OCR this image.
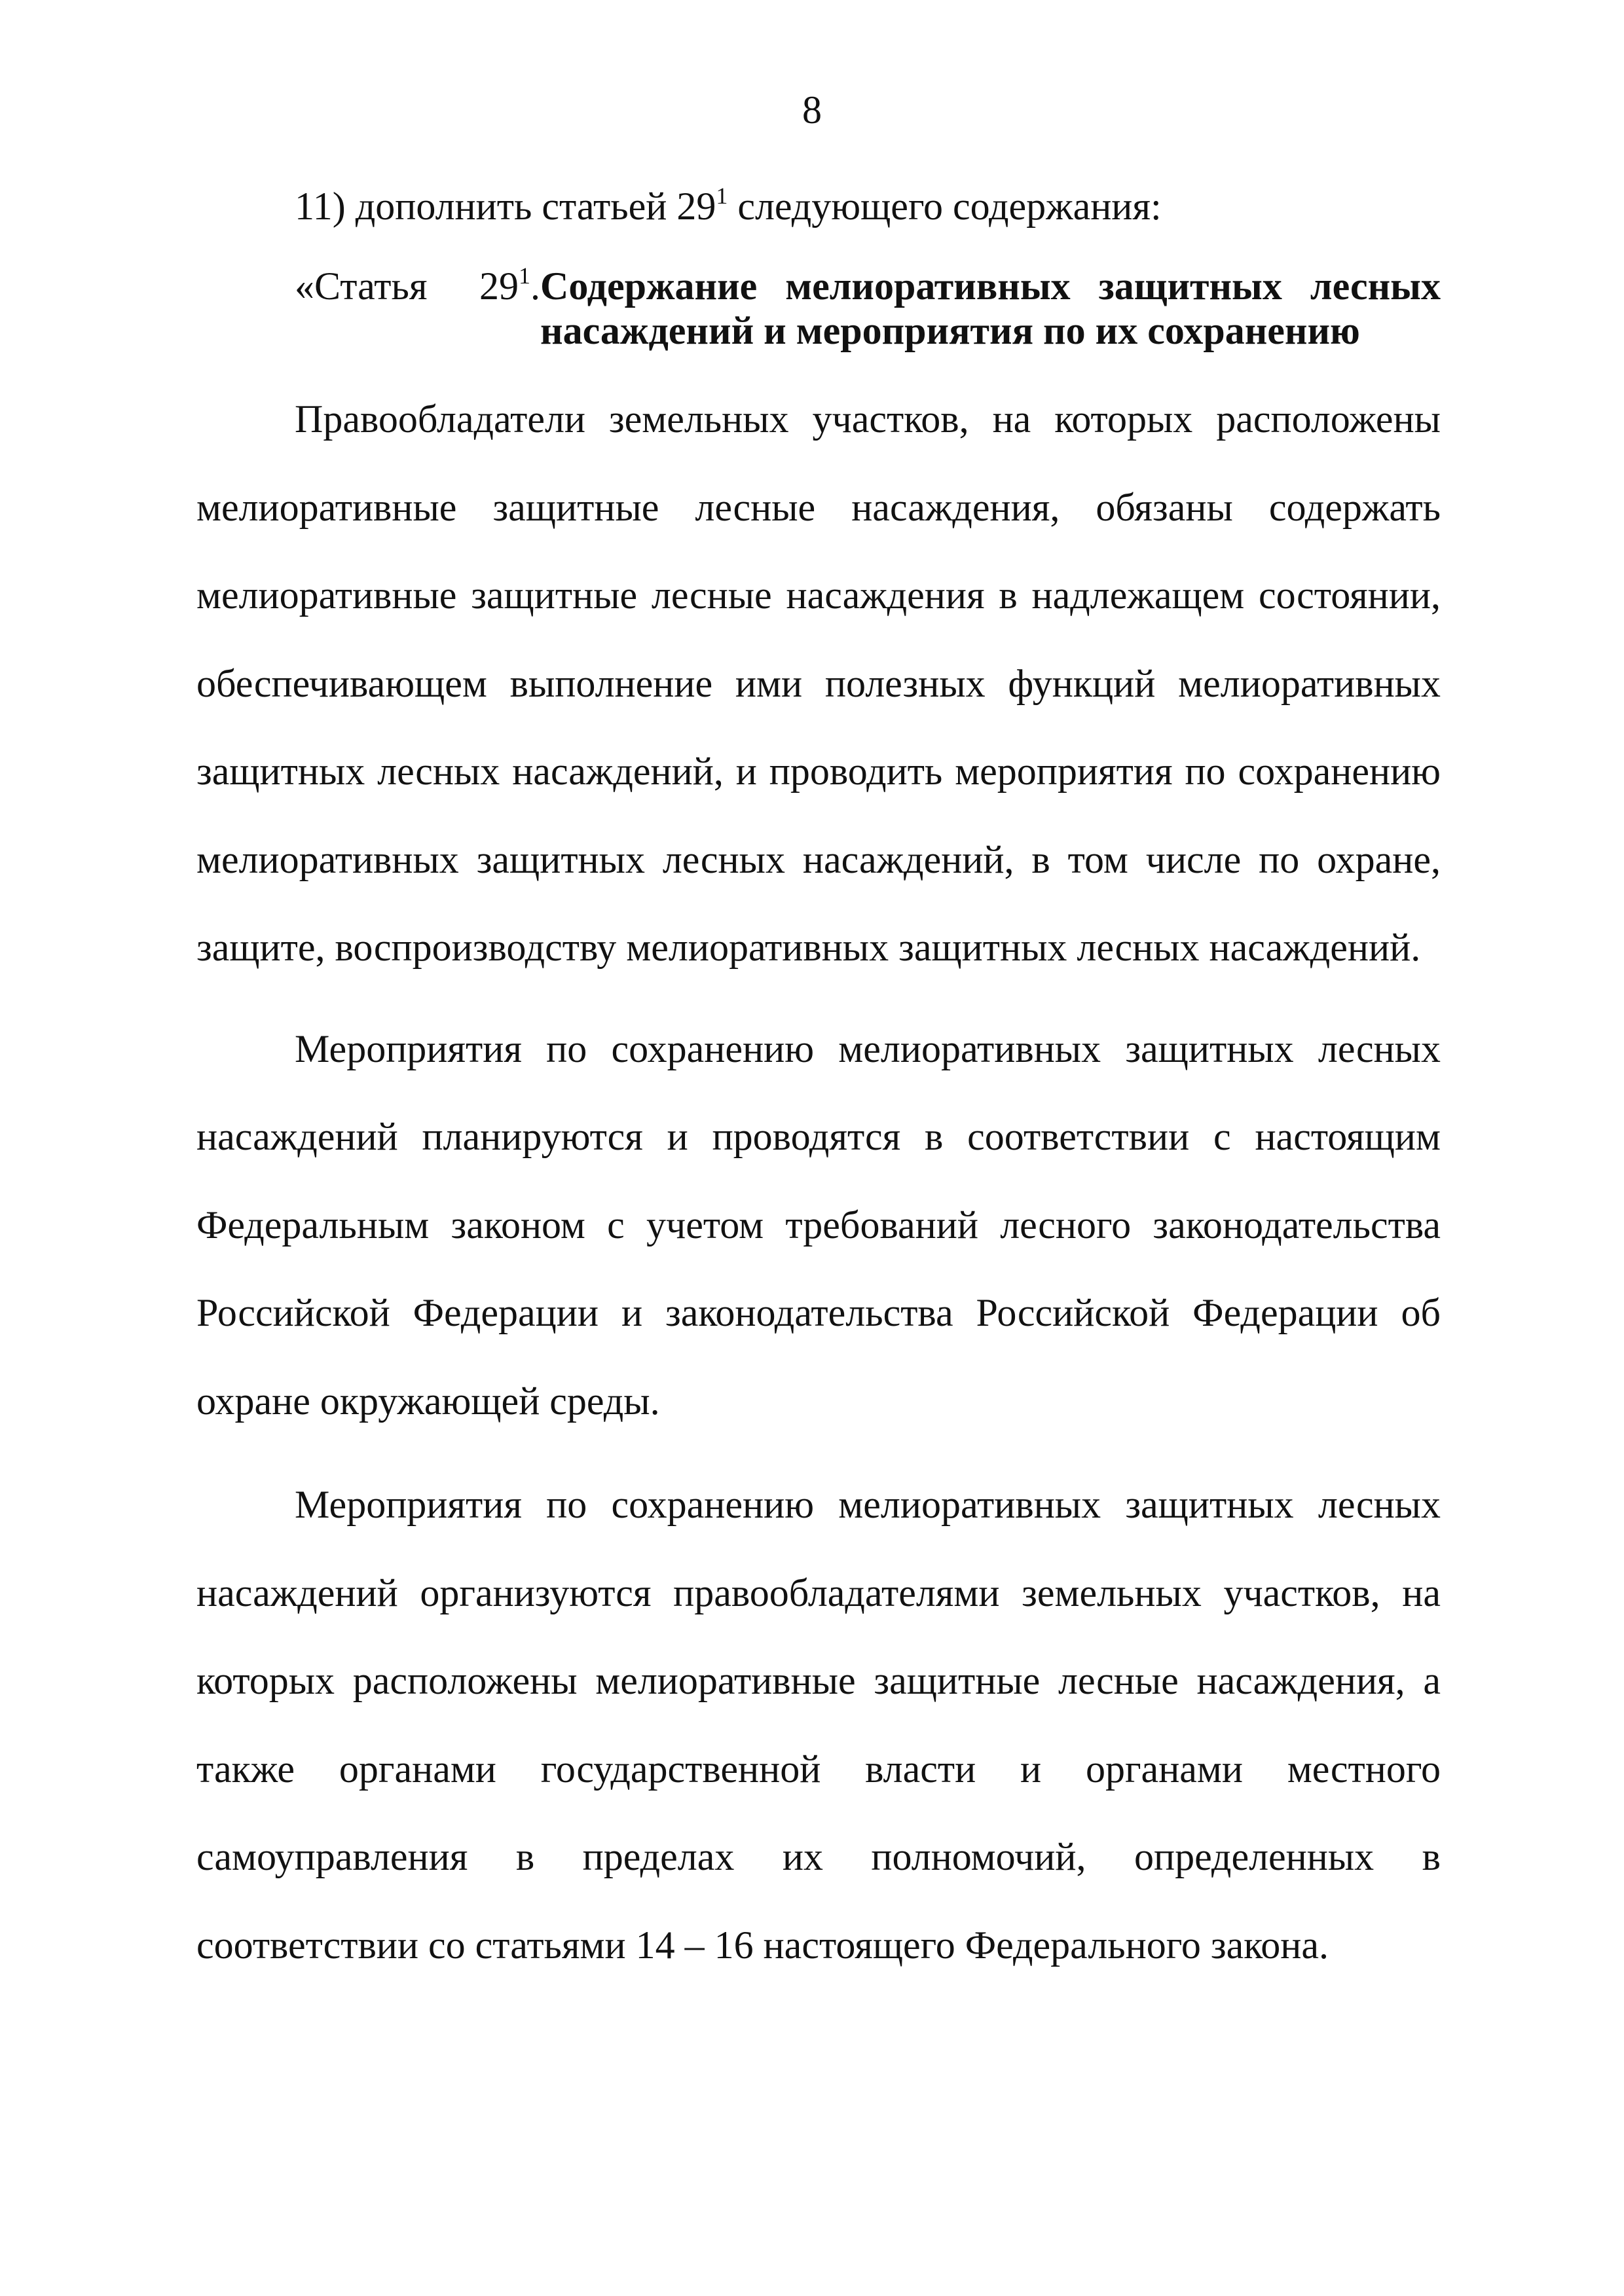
8

11) дополнить статьей $29^1$ следующего содержания:

«Статья $29^1$. Содержание мелиоративных защитных лесных
насаждений и мероприятия по их сохранению

Правообладатели земельных участков, на которых расположены мелиоративные защитные лесные насаждения, обязаны содержать мелиоративные защитные лесные насаждения в надлежащем состоянии, обеспечивающем выполнение ими полезных функций мелиоративных защитных лесных насаждений, и проводить мероприятия по сохранению мелиоративных защитных лесных насаждений, в том числе по охране, защите, воспроизводству мелиоративных защитных лесных насаждений.

Мероприятия по сохранению мелиоративных защитных лесных насаждений планируются и проводятся в соответствии с настоящим Федеральным законом с учетом требований лесного законодательства Российской Федерации и законодательства Российской Федерации об охране окружающей среды.

Мероприятия по сохранению мелиоративных защитных лесных насаждений организуются правообладателями земельных участков, на которых расположены мелиоративные защитные лесные насаждения, а также органами государственной власти и органами местного самоуправления в пределах их полномочий, определенных в соответствии со статьями 14 – 16 настоящего Федерального закона.
